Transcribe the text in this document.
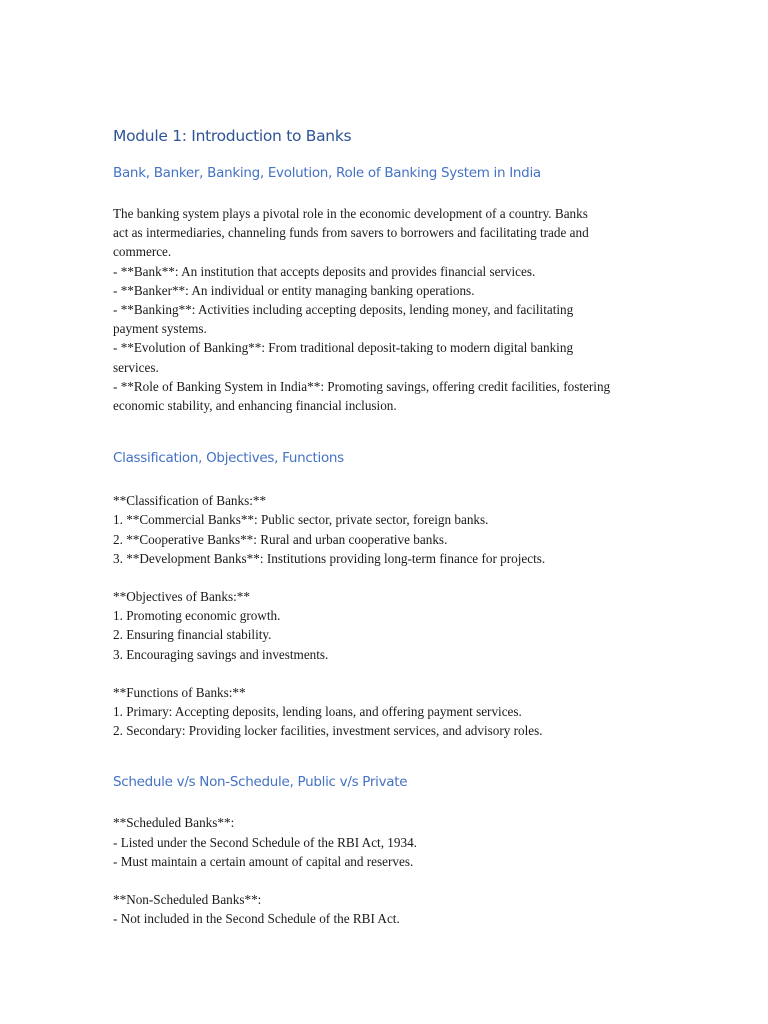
Module 1: Introduction to Banks
Bank, Banker, Banking, Evolution, Role of Banking System in India

The banking system plays a pivotal role in the economic development of a country. Banks
act as intermediaries, channeling funds from savers to borrowers and facilitating trade and
commerce.
- **Bank**: An institution that accepts deposits and provides financial services.
- **Banker**: An individual or entity managing banking operations.
- **Banking**: Activities including accepting deposits, lending money, and facilitating
payment systems.
- **Evolution of Banking**: From traditional deposit-taking to modern digital banking
services.
- **Role of Banking System in India**: Promoting savings, offering credit facilities, fostering
economic stability, and enhancing financial inclusion.

Classification, Objectives, Functions

**Classification of Banks:**
1. **Commercial Banks**: Public sector, private sector, foreign banks.
2. **Cooperative Banks**: Rural and urban cooperative banks.
3. **Development Banks**: Institutions providing long-term finance for projects.

**Objectives of Banks:**
1. Promoting economic growth.
2. Ensuring financial stability.
3. Encouraging savings and investments.

**Functions of Banks:**
1. Primary: Accepting deposits, lending loans, and offering payment services.
2. Secondary: Providing locker facilities, investment services, and advisory roles.

Schedule v/s Non-Schedule, Public v/s Private

**Scheduled Banks**:
- Listed under the Second Schedule of the RBI Act, 1934.
- Must maintain a certain amount of capital and reserves.

**Non-Scheduled Banks**:
- Not included in the Second Schedule of the RBI Act.
